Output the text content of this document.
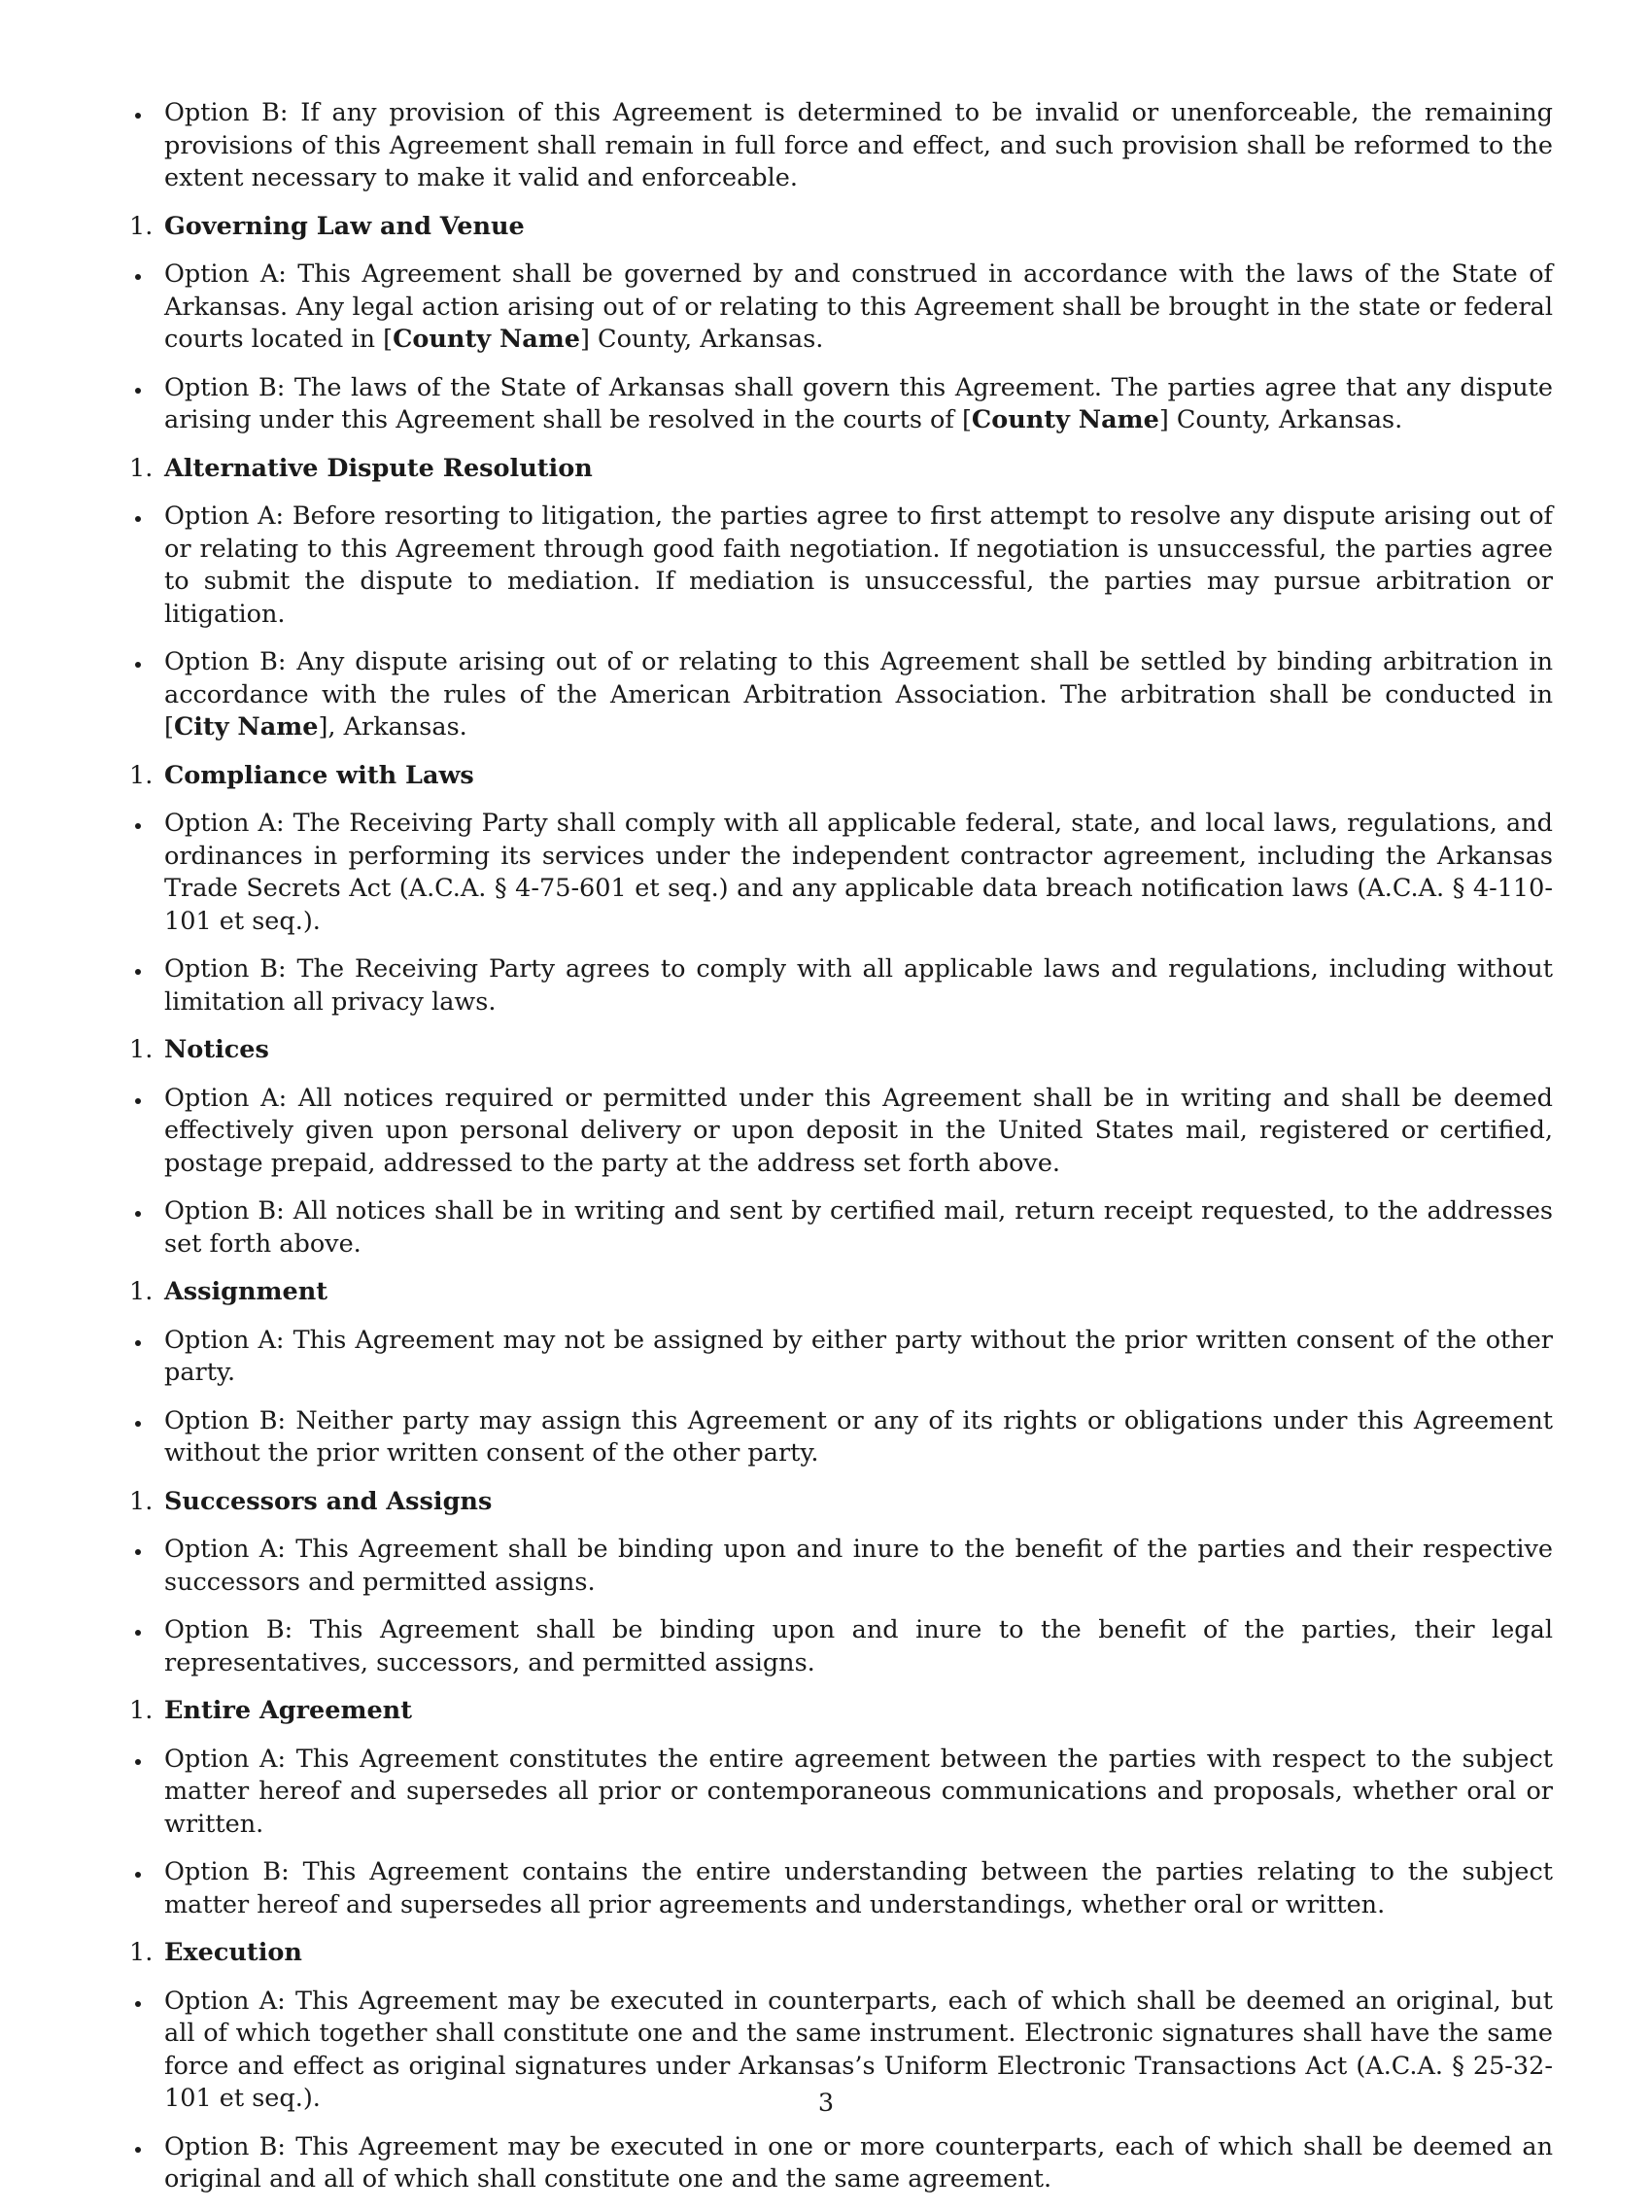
Option B: If any provision of this Agreement is determined to be invalid or unenforceable, the remaining provisions of this Agreement shall remain in full force and effect, and such provision shall be reformed to the extent necessary to make it valid and enforceable.
1. Governing Law and Venue
Option A: This Agreement shall be governed by and construed in accordance with the laws of the State of Arkansas. Any legal action arising out of or relating to this Agreement shall be brought in the state or federal courts located in [County Name] County, Arkansas.
Option B: The laws of the State of Arkansas shall govern this Agreement. The parties agree that any dispute arising under this Agreement shall be resolved in the courts of [County Name] County, Arkansas.
1. Alternative Dispute Resolution
Option A: Before resorting to litigation, the parties agree to first attempt to resolve any dispute arising out of or relating to this Agreement through good faith negotiation. If negotiation is unsuccessful, the parties agree to submit the dispute to mediation. If mediation is unsuccessful, the parties may pursue arbitration or litigation.
Option B: Any dispute arising out of or relating to this Agreement shall be settled by binding arbitration in accordance with the rules of the American Arbitration Association. The arbitration shall be conducted in [City Name], Arkansas.
1. Compliance with Laws
Option A: The Receiving Party shall comply with all applicable federal, state, and local laws, regulations, and ordinances in performing its services under the independent contractor agreement, including the Arkansas Trade Secrets Act (A.C.A. § 4-75-601 et seq.) and any applicable data breach notification laws (A.C.A. § 4-110-101 et seq.).
Option B: The Receiving Party agrees to comply with all applicable laws and regulations, including without limitation all privacy laws.
1. Notices
Option A: All notices required or permitted under this Agreement shall be in writing and shall be deemed effectively given upon personal delivery or upon deposit in the United States mail, registered or certified, postage prepaid, addressed to the party at the address set forth above.
Option B: All notices shall be in writing and sent by certified mail, return receipt requested, to the addresses set forth above.
1. Assignment
Option A: This Agreement may not be assigned by either party without the prior written consent of the other party.
Option B: Neither party may assign this Agreement or any of its rights or obligations under this Agreement without the prior written consent of the other party.
1. Successors and Assigns
Option A: This Agreement shall be binding upon and inure to the benefit of the parties and their respective successors and permitted assigns.
Option B: This Agreement shall be binding upon and inure to the benefit of the parties, their legal representatives, successors, and permitted assigns.
1. Entire Agreement
Option A: This Agreement constitutes the entire agreement between the parties with respect to the subject matter hereof and supersedes all prior or contemporaneous communications and proposals, whether oral or written.
Option B: This Agreement contains the entire understanding between the parties relating to the subject matter hereof and supersedes all prior agreements and understandings, whether oral or written.
1. Execution
Option A: This Agreement may be executed in counterparts, each of which shall be deemed an original, but all of which together shall constitute one and the same instrument. Electronic signatures shall have the same force and effect as original signatures under Arkansas’s Uniform Electronic Transactions Act (A.C.A. § 25-32-101 et seq.).
Option B: This Agreement may be executed in one or more counterparts, each of which shall be deemed an original and all of which shall constitute one and the same agreement.
3
